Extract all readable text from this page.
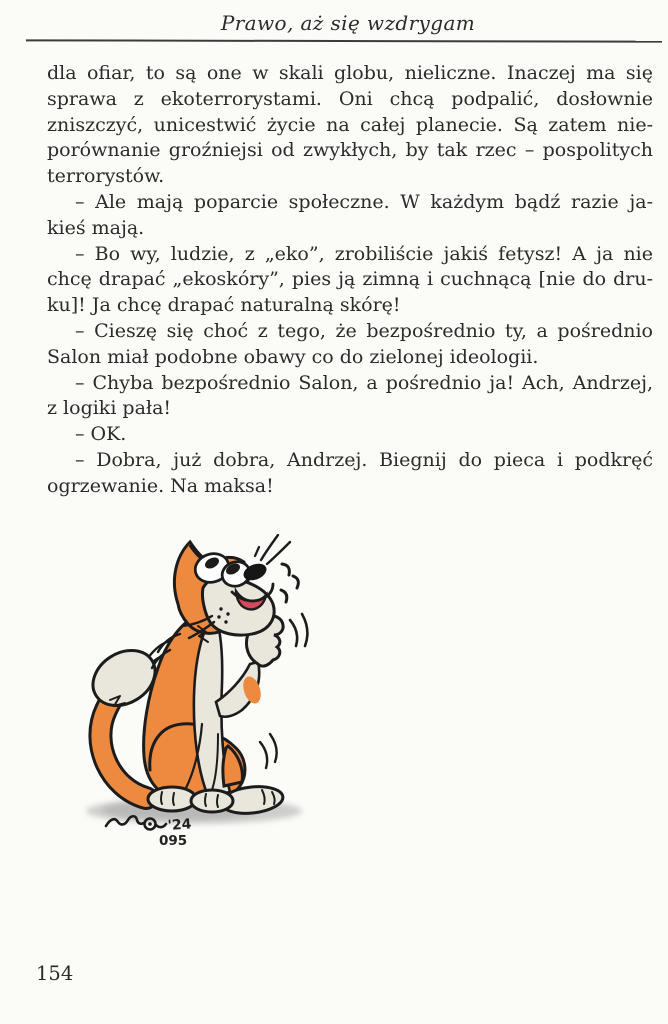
Prawo, aż się wzdrygam
dla ofiar, to są one w skali globu, nieliczne. Inaczej ma się
sprawa z ekoterrorystami. Oni chcą podpalić, dosłownie
zniszczyć, unicestwić życie na całej planecie. Są zatem nie-
porównanie groźniejsi od zwykłych, by tak rzec – pospolitych
terrorystów.
– Ale mają poparcie społeczne. W każdym bądź razie ja-
kieś mają.
– Bo wy, ludzie, z „eko”, zrobiliście jakiś fetysz! A ja nie
chcę drapać „ekoskóry”, pies ją zimną i cuchnącą [nie do dru-
ku]! Ja chcę drapać naturalną skórę!
– Cieszę się choć z tego, że bezpośrednio ty, a pośrednio
Salon miał podobne obawy co do zielonej ideologii.
– Chyba bezpośrednio Salon, a pośrednio ja! Ach, Andrzej,
z logiki pała!
– OK.
– Dobra, już dobra, Andrzej. Biegnij do pieca i podkręć
ogrzewanie. Na maksa!
'24
095
154
